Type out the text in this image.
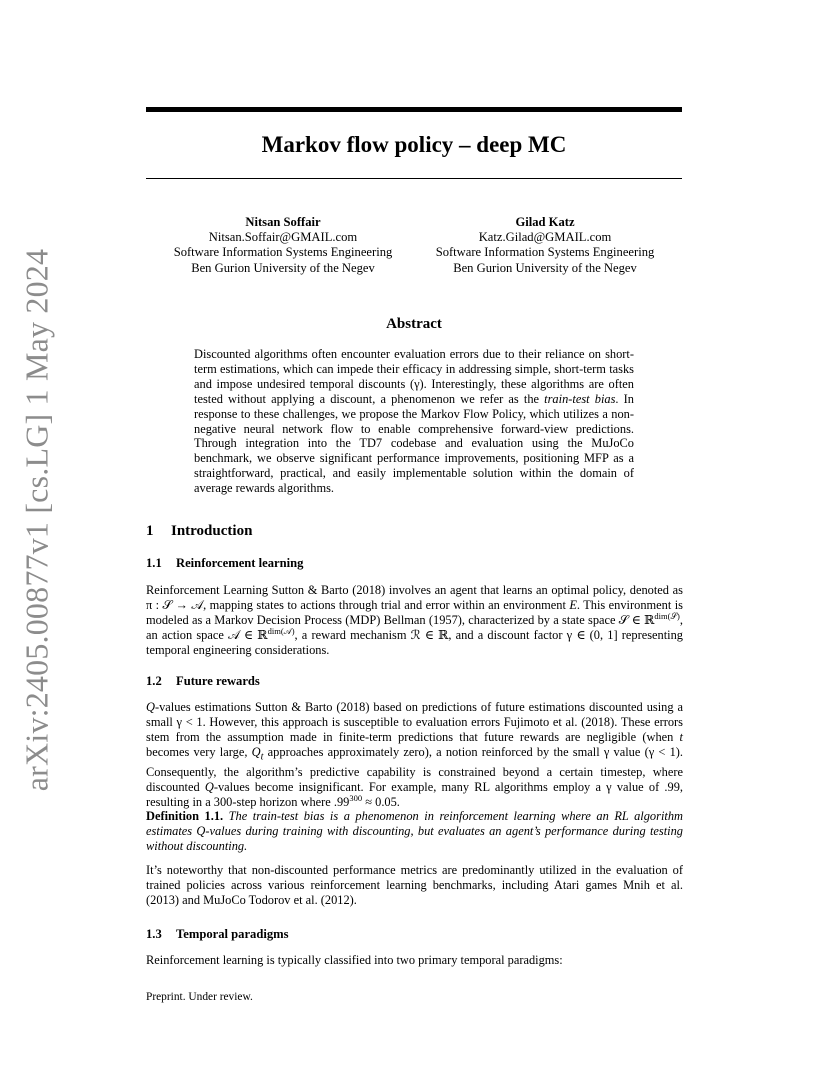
arXiv:2405.00877v1 [cs.LG] 1 May 2024
Markov flow policy – deep MC
Nitsan Soffair
Nitsan.Soffair@GMAIL.com
Software Information Systems Engineering
Ben Gurion University of the Negev
Gilad Katz
Katz.Gilad@GMAIL.com
Software Information Systems Engineering
Ben Gurion University of the Negev
Abstract
Discounted algorithms often encounter evaluation errors due to their reliance on short-term estimations, which can impede their efficacy in addressing simple, short-term tasks and impose undesired temporal discounts (γ). Interestingly, these algorithms are often tested without applying a discount, a phenomenon we refer as the train-test bias. In response to these challenges, we propose the Markov Flow Policy, which utilizes a non-negative neural network flow to enable comprehensive forward-view predictions. Through integration into the TD7 codebase and evaluation using the MuJoCo benchmark, we observe significant performance improvements, positioning MFP as a straightforward, practical, and easily implementable solution within the domain of average rewards algorithms.
1 Introduction
1.1 Reinforcement learning
Reinforcement Learning Sutton & Barto (2018) involves an agent that learns an optimal policy, denoted as π : 𝒮 → 𝒜, mapping states to actions through trial and error within an environment E. This environment is modeled as a Markov Decision Process (MDP) Bellman (1957), characterized by a state space 𝒮 ∈ ℝ$^{dim(𝒮)}$, an action space 𝒜 ∈ ℝ$^{dim(𝒜)}$, a reward mechanism ℛ ∈ ℝ, and a discount factor γ ∈ (0, 1] representing temporal engineering considerations.
1.2 Future rewards
Q-values estimations Sutton & Barto (2018) based on predictions of future estimations discounted using a small γ < 1. However, this approach is susceptible to evaluation errors Fujimoto et al. (2018). These errors stem from the assumption made in finite-term predictions that future rewards are negligible (when t becomes very large, $Q_t$ approaches approximately zero), a notion reinforced by the small γ value (γ < 1). Consequently, the algorithm’s predictive capability is constrained beyond a certain timestep, where discounted Q-values become insignificant. For example, many RL algorithms employ a γ value of .99, resulting in a 300-step horizon where $.99^{300} \approx 0.05$.
Definition 1.1. The train-test bias is a phenomenon in reinforcement learning where an RL algorithm estimates Q-values during training with discounting, but evaluates an agent’s performance during testing without discounting.
It’s noteworthy that non-discounted performance metrics are predominantly utilized in the evaluation of trained policies across various reinforcement learning benchmarks, including Atari games Mnih et al. (2013) and MuJoCo Todorov et al. (2012).
1.3 Temporal paradigms
Reinforcement learning is typically classified into two primary temporal paradigms:
Preprint. Under review.
